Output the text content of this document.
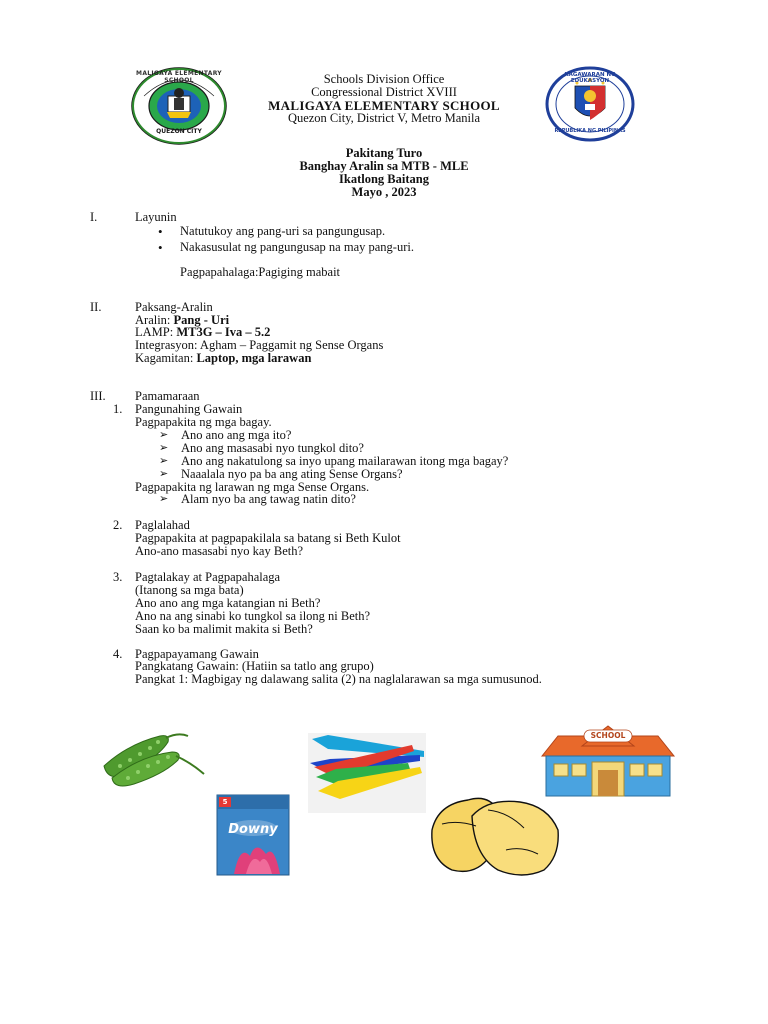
MALIGAYA ELEMENTARY SCHOOL
QUEZON CITY
KAGAWARAN NG EDUKASYON
REPUBLIKA NG PILIPINAS
Schools Division Office
Congressional District XVIII
MALIGAYA ELEMENTARY SCHOOL
Quezon City, District V, Metro Manila
Pakitang Turo
Banghay Aralin sa MTB - MLE
Ikatlong Baitang
Mayo , 2023
I.	Layunin
• Natutukoy ang pang-uri sa pangungusap.
• Nakasusulat ng pangungusap na may pang-uri.
Pagpapahalaga:Pagiging mabait
II.	Paksang-Aralin
Aralin: Pang - Uri
LAMP: MT3G – Iva – 5.2
Integrasyon: Agham – Paggamit ng Sense Organs
Kagamitan: Laptop, mga larawan
III. Pamamaraan
1. Pangunahing Gawain
Pagpapakita ng mga bagay.
➢ Ano ano ang mga ito?
➢ Ano ang masasabi nyo tungkol dito?
➢ Ano ang nakatulong sa inyo upang mailarawan itong mga bagay?
➢ Naaalala nyo pa ba ang ating Sense Organs?
Pagpapakita ng larawan ng mga Sense Organs.
➢ Alam nyo ba ang tawag natin dito?
2. Paglalahad
Pagpapakita at pagpapakilala sa batang si Beth Kulot
Ano-ano masasabi nyo kay Beth?
3. Pagtalakay at Pagpapahalaga
(Itanong sa mga bata)
Ano ano ang mga katangian ni Beth?
Ano na ang sinabi ko tungkol sa ilong ni Beth?
Saan ko ba malimit makita si Beth?
4. Pagpapayamang Gawain
Pangkatang Gawain: (Hatiin sa tatlo ang grupo)
Pangkat 1: Magbigay ng dalawang salita (2) na naglalarawan sa mga sumusunod.
SCHOOL
5
Downy
